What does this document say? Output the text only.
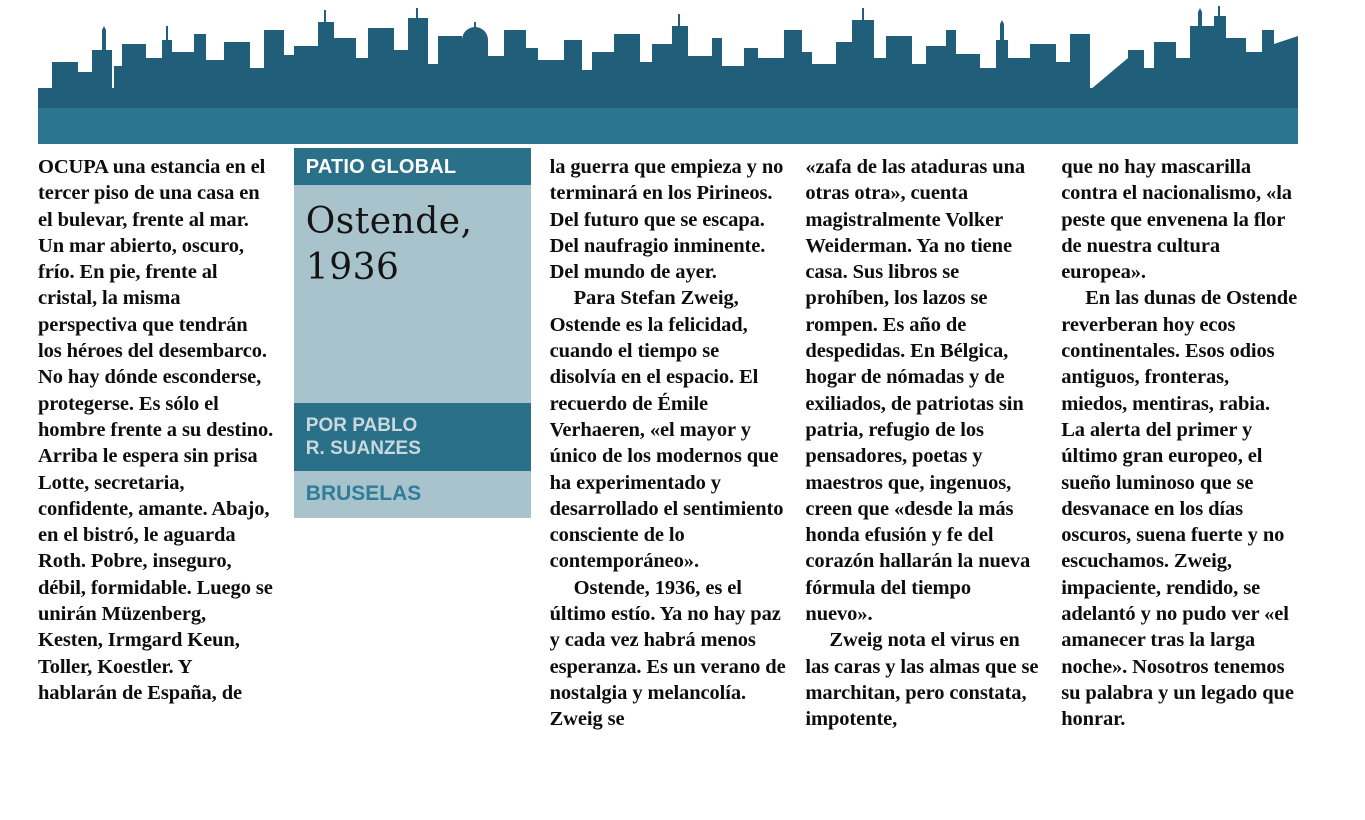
OCUPA una estancia en el tercer piso de una casa en el bulevar, frente al mar. Un mar abierto, oscuro, frío. En pie, frente al cristal, la misma perspectiva que tendrán los héroes del desembarco. No hay dónde esconderse, protegerse. Es sólo el hombre frente a su destino. Arriba le espera sin prisa Lotte, secretaria, confidente, amante. Abajo, en el bistró, le aguarda Roth. Pobre, inseguro, débil, formidable. Luego se unirán Müzenberg, Kesten, Irmgard Keun, Toller, Koestler. Y hablarán de España, de

PATIO GLOBAL
Ostende, 1936
POR PABLO
R. SUANZES
BRUSELAS

la guerra que empieza y no terminará en los Pirineos. Del futuro que se escapa. Del naufragio inminente. Del mundo de ayer.

Para Stefan Zweig, Ostende es la felicidad, cuando el tiempo se disolvía en el espacio. El recuerdo de Émile Verhaeren, «el mayor y único de los modernos que ha experimentado y desarrollado el sentimiento consciente de lo contemporáneo».

Ostende, 1936, es el último estío. Ya no hay paz y cada vez habrá menos esperanza. Es un verano de nostalgia y melancolía. Zweig se

«zafa de las ataduras una otras otra», cuenta magistralmente Volker Weiderman. Ya no tiene casa. Sus libros se prohíben, los lazos se rompen. Es año de despedidas. En Bélgica, hogar de nómadas y de exiliados, de patriotas sin patria, refugio de los pensadores, poetas y maestros que, ingenuos, creen que «desde la más honda efusión y fe del corazón hallarán la nueva fórmula del tiempo nuevo».

Zweig nota el virus en las caras y las almas que se marchitan, pero constata, impotente,

que no hay mascarilla contra el nacionalismo, «la peste que envenena la flor de nuestra cultura europea».

En las dunas de Ostende reverberan hoy ecos continentales. Esos odios antiguos, fronteras, miedos, mentiras, rabia. La alerta del primer y último gran europeo, el sueño luminoso que se desvanace en los días oscuros, suena fuerte y no escuchamos. Zweig, impaciente, rendido, se adelantó y no pudo ver «el amanecer tras la larga noche». Nosotros tenemos su palabra y un legado que honrar.
